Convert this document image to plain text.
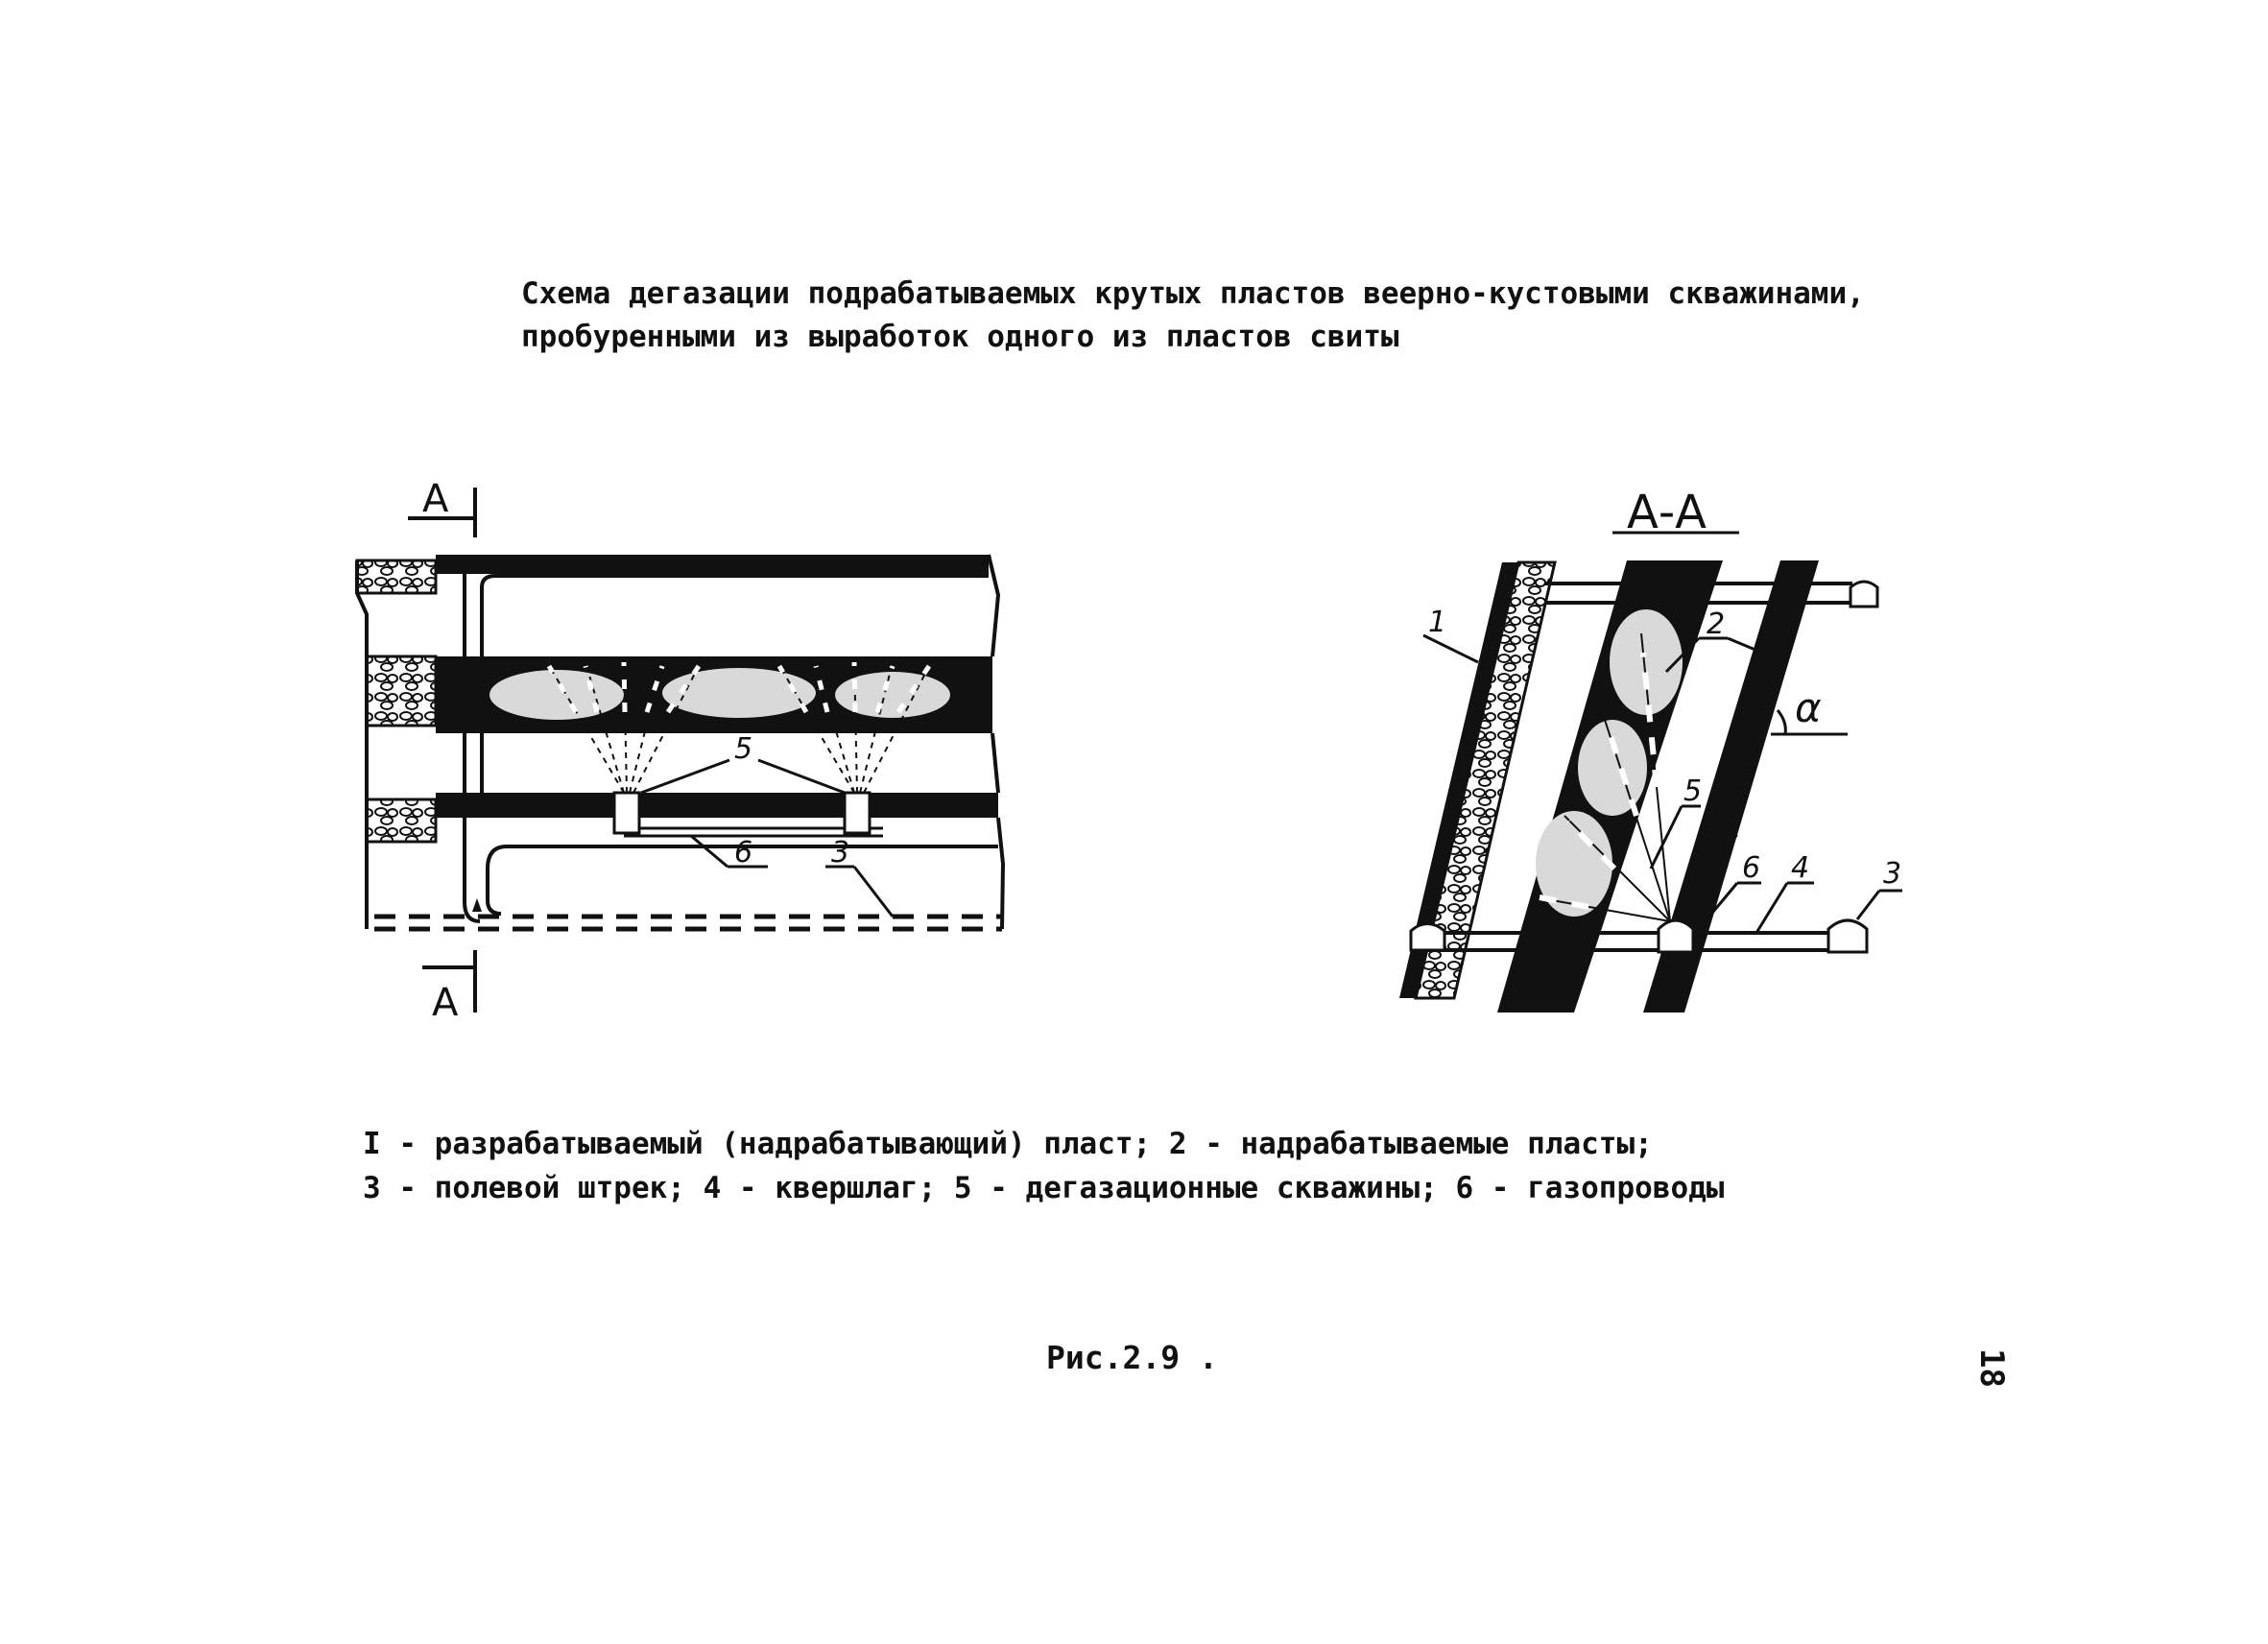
Схема дегазации подрабатываемых крутых пластов веерно-кустовыми скважинами,
пробуренными из выработок одного из пластов свиты
А
А
5
6	3
А-А
1	2
α
5
6 4	3
I - разрабатываемый (надрабатывающий) пласт; 2 - надрабатываемые пласты;
3 - полевой штрек; 4 - квершлаг; 5 - дегазационные скважины; 6 - газопроводы
Рис.2.9 .	18
